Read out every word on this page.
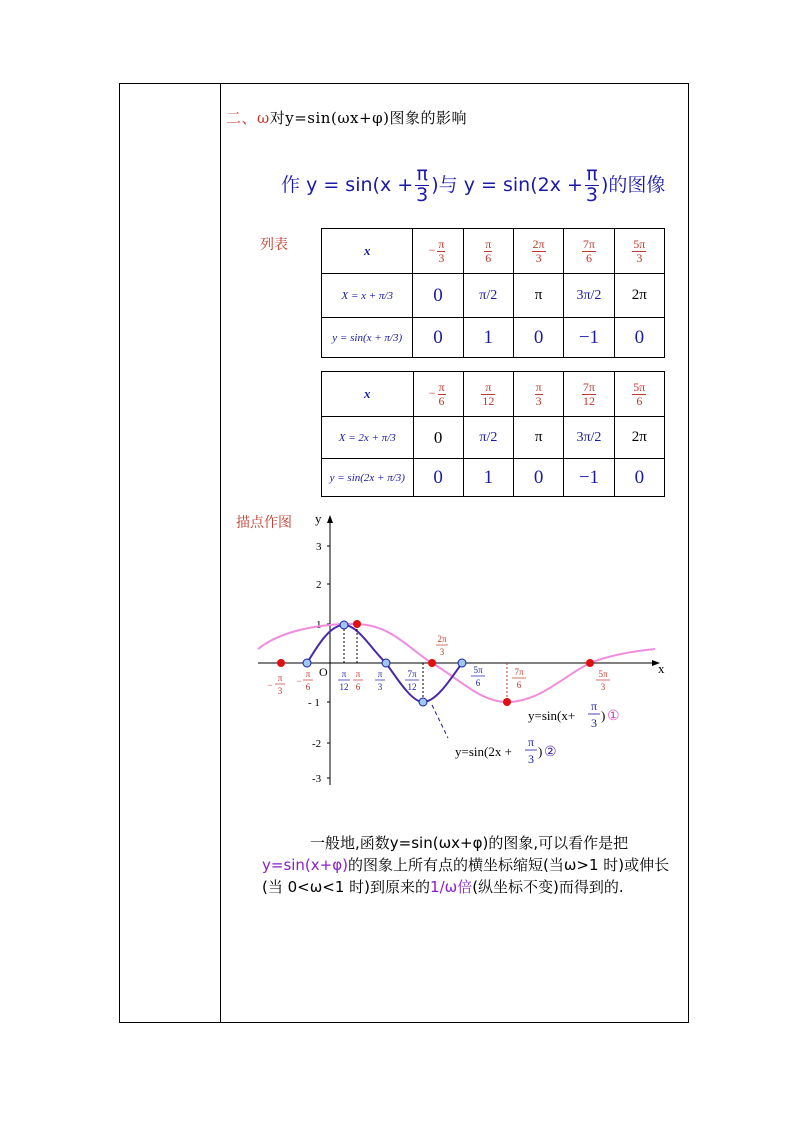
二、ω对y=sin(ωx+φ)图象的影响
作 $y = \sin(x + \frac{\pi}{3}$ )与 $y = \sin(2x + \frac{\pi}{3}$ )的图像
列表	x	− $\frac{\pi}{3}$	$\frac{\pi}{6}$	$\frac{2\pi}{3}$	$\frac{7\pi}{6}$	$\frac{5\pi}{3}$

X = x + π/3	0	π/2	π	3π/2	2π
y = sin(x + π/3)	0	1	0	−1	0
x	− $\frac{\pi}{6}$	$\frac{\pi}{12}$	$\frac{\pi}{3}$	$\frac{7\pi}{12}$	$\frac{5\pi}{6}$

X = 2x + π/3	0	π/2	π	3π/2	2π
y = sin(2x + π/3)	0	1	0	−1	0
描点作图 y
x
O
3
2
1
- 1
-2
-3
π
3
−
π
6
−
π
12
π
6
π
3
7π
12
2π
3
5π
6
7π
6
5π
3
y=sin(x+
π
3 ) ①
y=sin(2x +
π
3 ) ②
一般地,函数y=sin(ωx+φ)的图象,可以看作是把y=sin(x+φ)的图象上所有点的横坐标缩短(当ω>1 时)或伸长(当 0<ω<1 时)到原来的1/ω倍(纵坐标不变)而得到的.
